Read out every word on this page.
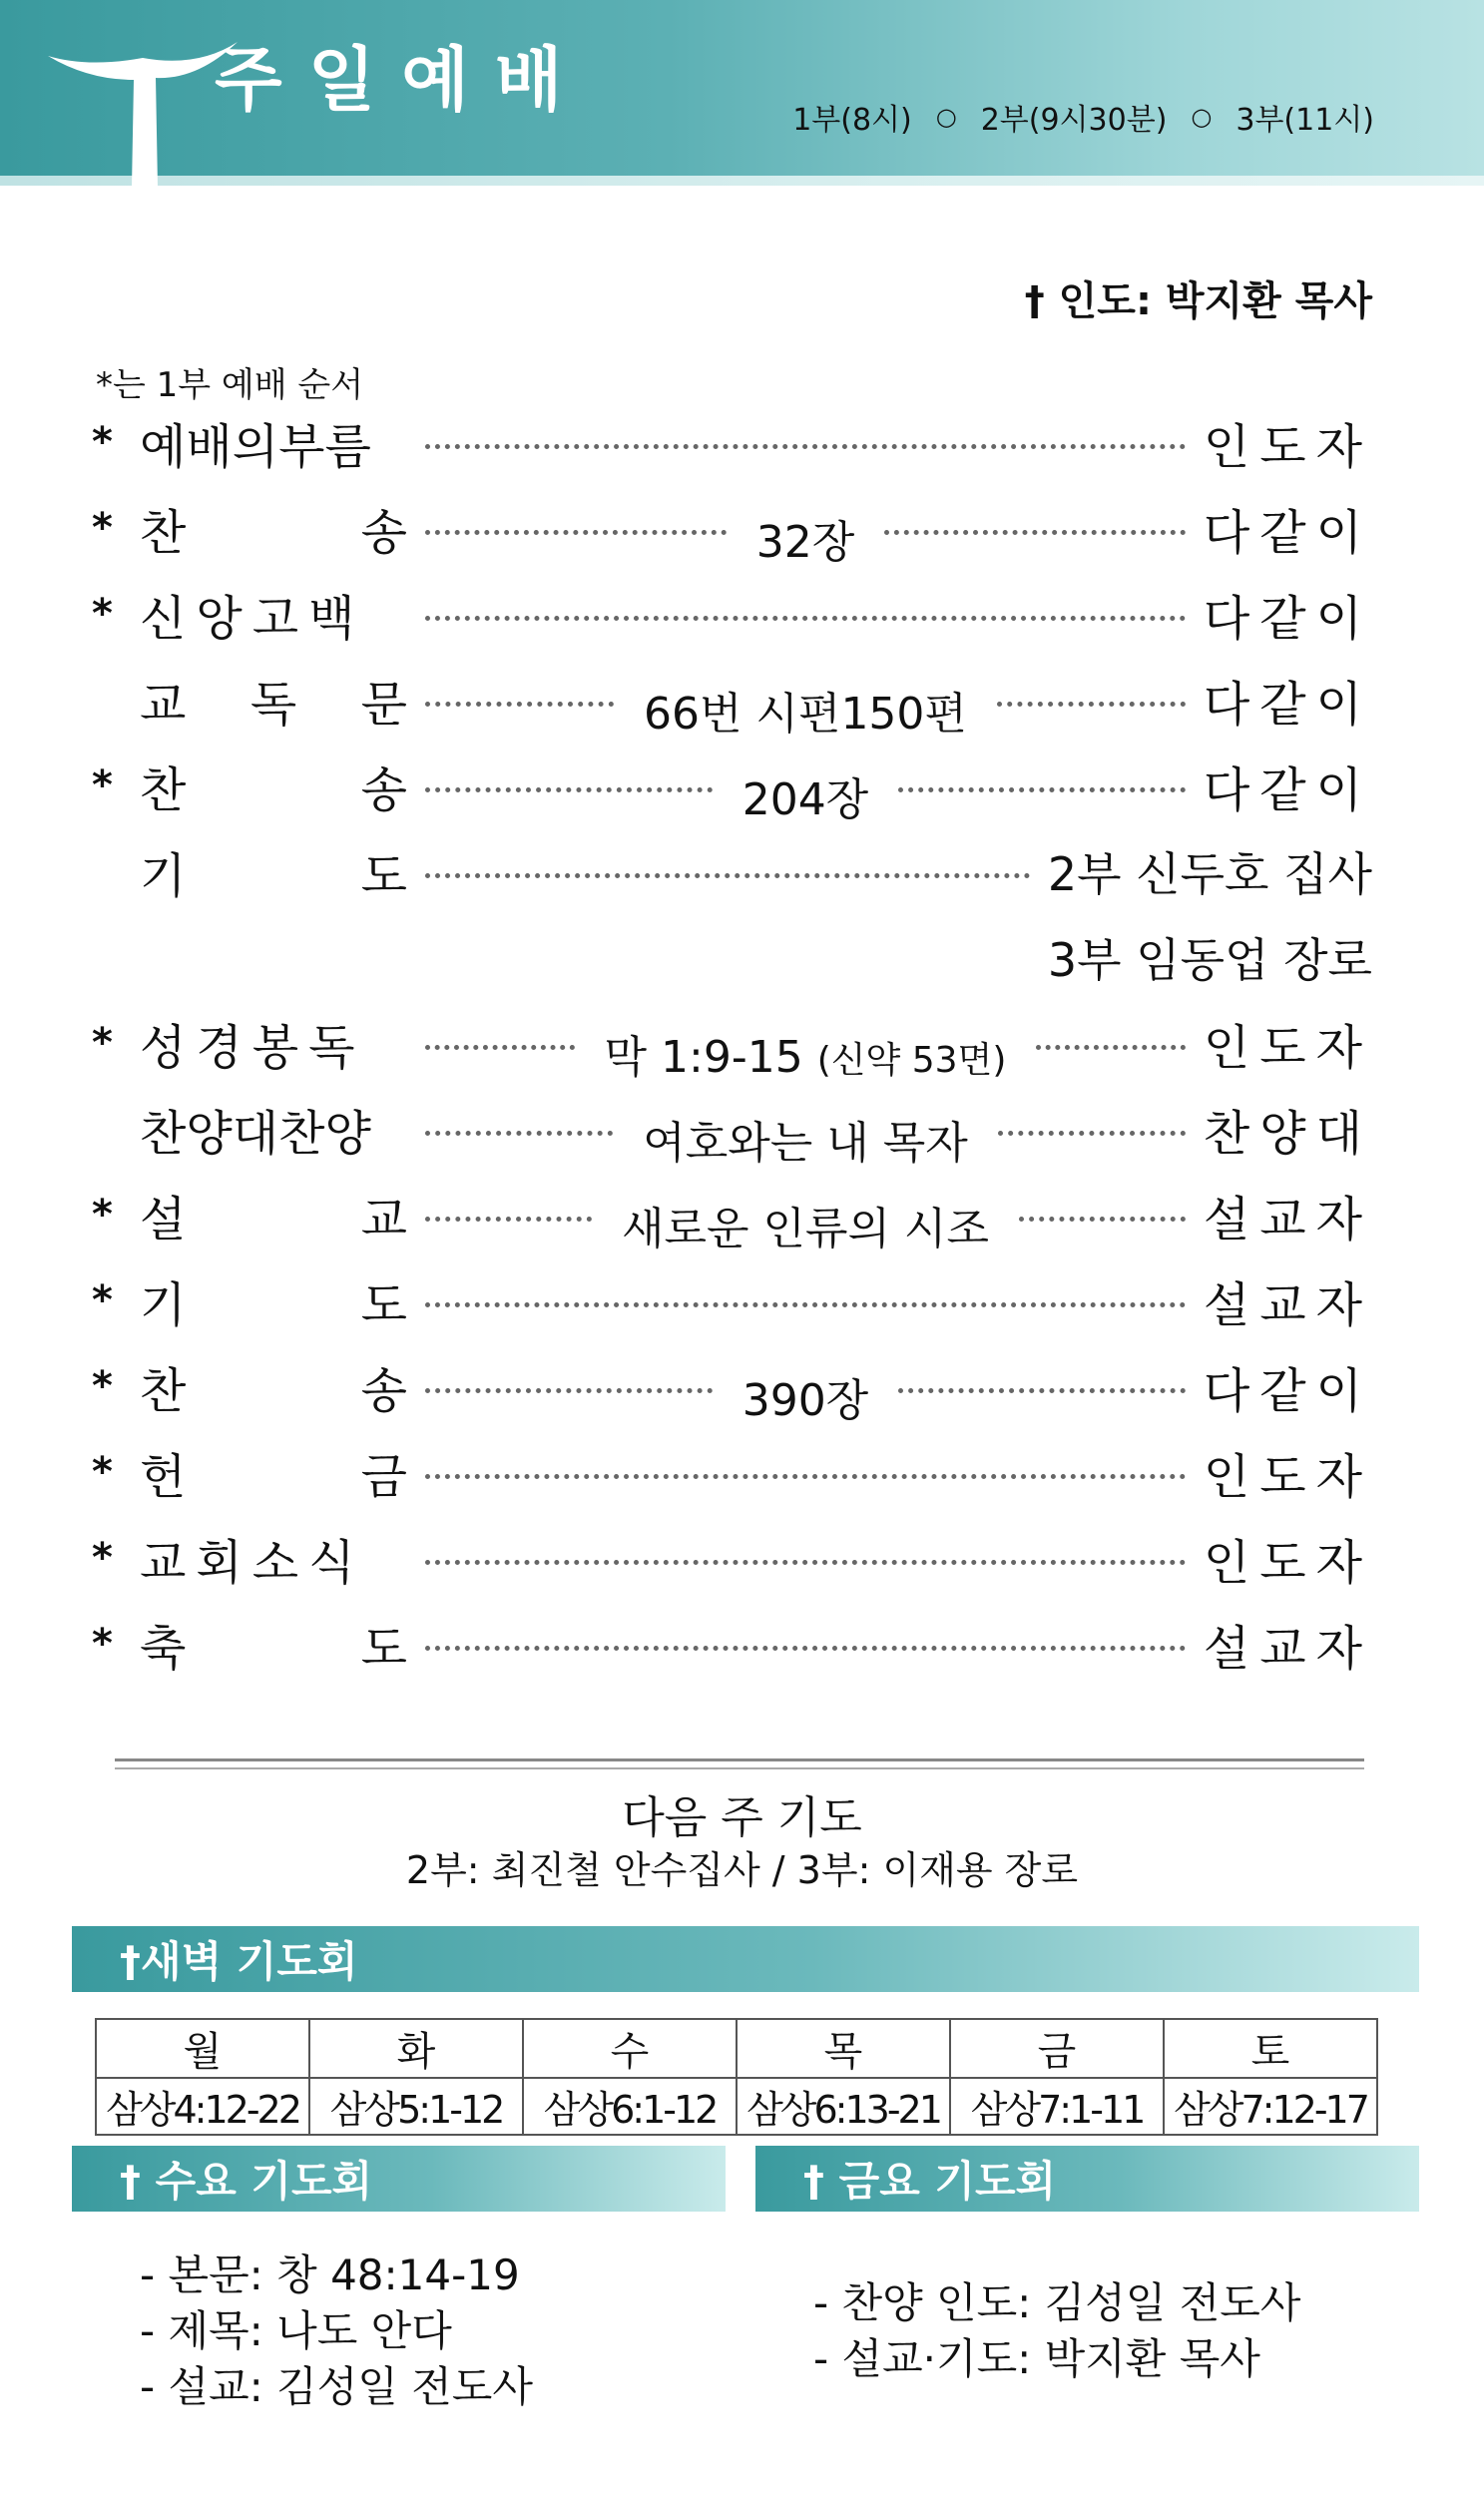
주일예배	1부(8시) ○ 2부(9시30분) ○ 3부(11시)
† 인도: 박지환 목사
*는 1부 예배 순서
* 예배의부름	인도자
* 찬	송	32장	다같이
* 신앙고백	다같이
교 독 문	66번 시편150편	다같이
* 찬	송	204장	다같이
기	도	2부 신두호 집사
3부 임동업 장로
* 성경봉독	막 1:9-15 (신약 53면)	인도자
찬양대찬양	여호와는 내 목자	찬양대
* 설	교	새로운 인류의 시조	설교자
* 기	도	설교자
* 찬	송	390장	다같이
* 헌	금	인도자
* 교회소식	인도자
* 축	도	설교자
다음 주 기도
2부: 최진철 안수집사 / 3부: 이재용 장로
†새벽 기도회
월	화	수	목	금	토
삼상4:12-22	삼상5:1-12	삼상6:1-12	삼상6:13-21	삼상7:1-11	삼상7:12-17
† 수요 기도회
- 본문: 창 48:14-19
- 제목: 나도 안다
- 설교: 김성일 전도사
† 금요 기도회
- 찬양 인도: 김성일 전도사
- 설교·기도: 박지환 목사
